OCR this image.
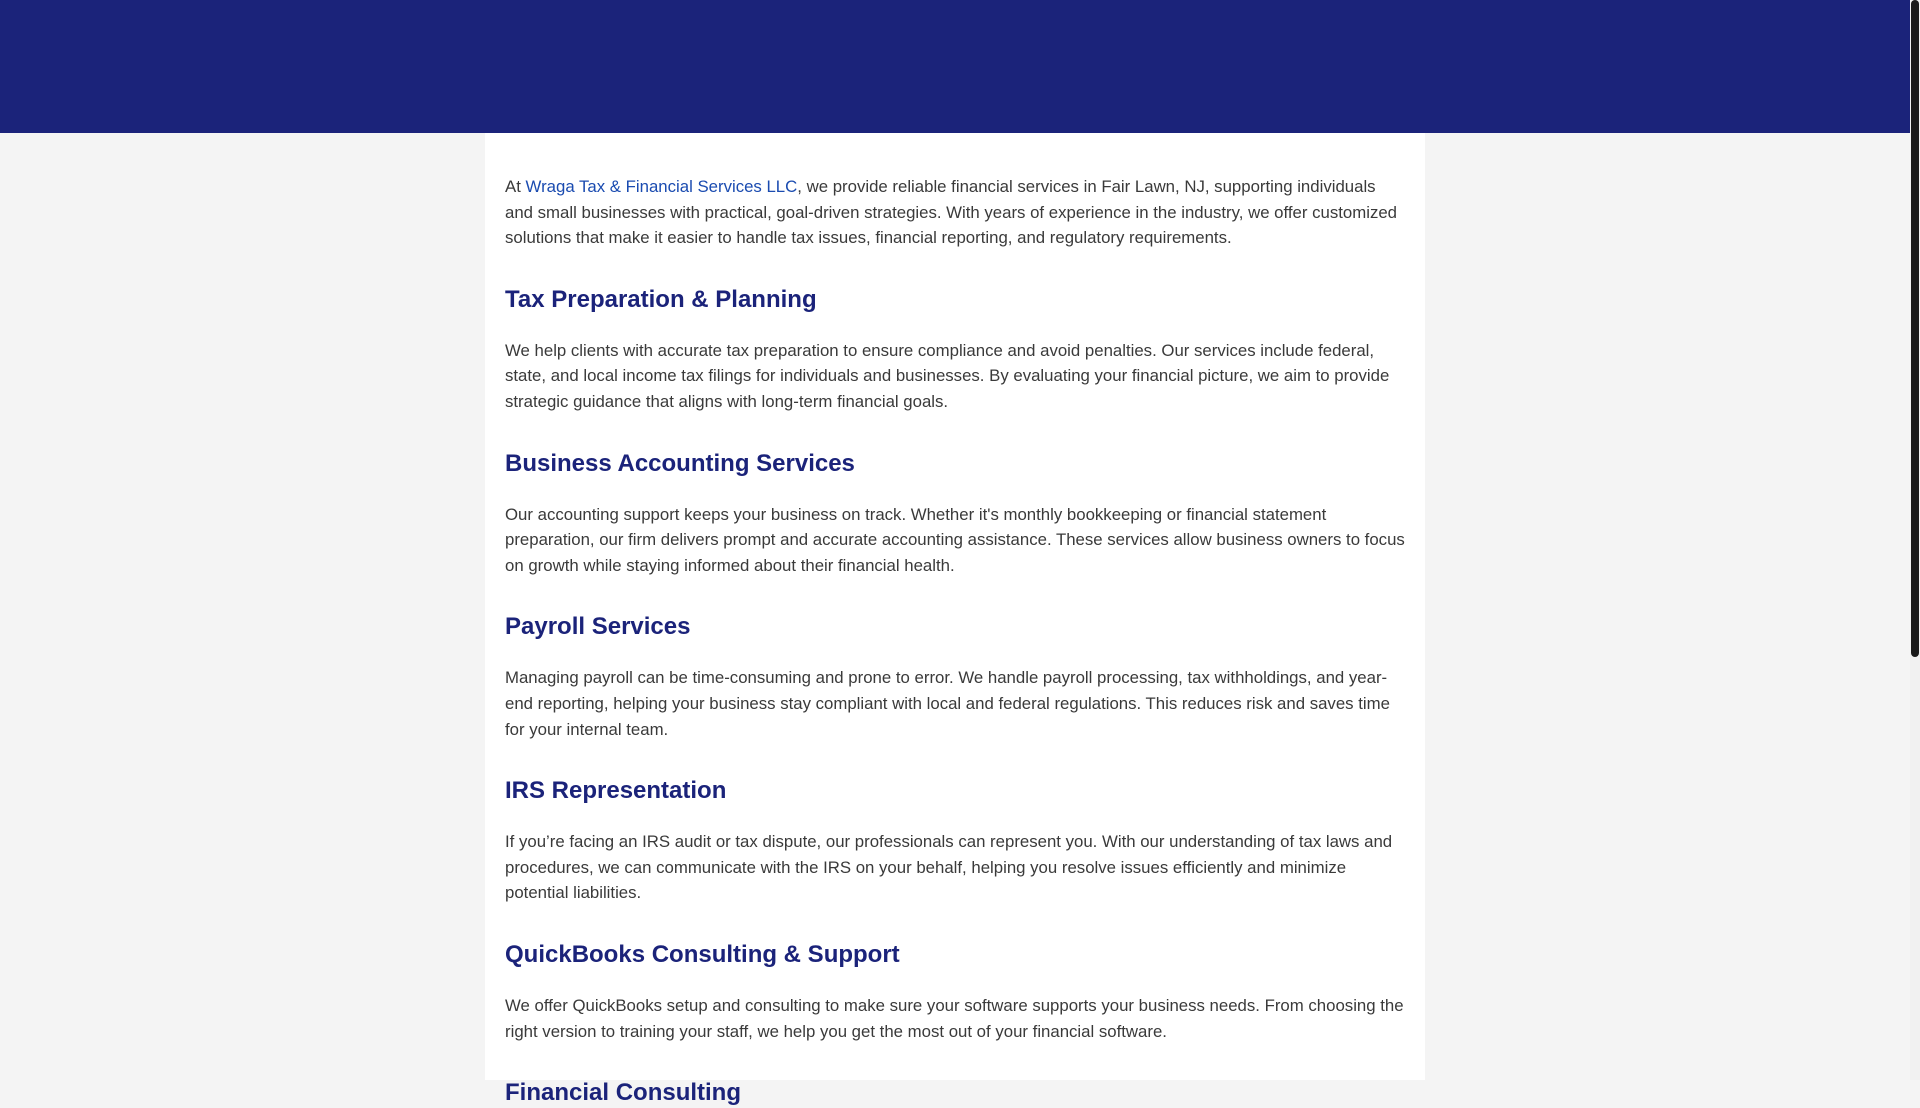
At Wraga Tax & Financial Services LLC, we provide reliable financial services in Fair Lawn, NJ, supporting individuals and small businesses with practical, goal-driven strategies. With years of experience in the industry, we offer customized solutions that make it easier to handle tax issues, financial reporting, and regulatory requirements.

Tax Preparation & Planning

We help clients with accurate tax preparation to ensure compliance and avoid penalties. Our services include federal, state, and local income tax filings for individuals and businesses. By evaluating your financial picture, we aim to provide strategic guidance that aligns with long-term financial goals.

Business Accounting Services

Our accounting support keeps your business on track. Whether it's monthly bookkeeping or financial statement preparation, our firm delivers prompt and accurate accounting assistance. These services allow business owners to focus on growth while staying informed about their financial health.

Payroll Services

Managing payroll can be time-consuming and prone to error. We handle payroll processing, tax withholdings, and year-end reporting, helping your business stay compliant with local and federal regulations. This reduces risk and saves time for your internal team.

IRS Representation

If you’re facing an IRS audit or tax dispute, our professionals can represent you. With our understanding of tax laws and procedures, we can communicate with the IRS on your behalf, helping you resolve issues efficiently and minimize potential liabilities.

QuickBooks Consulting & Support

We offer QuickBooks setup and consulting to make sure your software supports your business needs. From choosing the right version to training your staff, we help you get the most out of your financial software.

Financial Consulting
